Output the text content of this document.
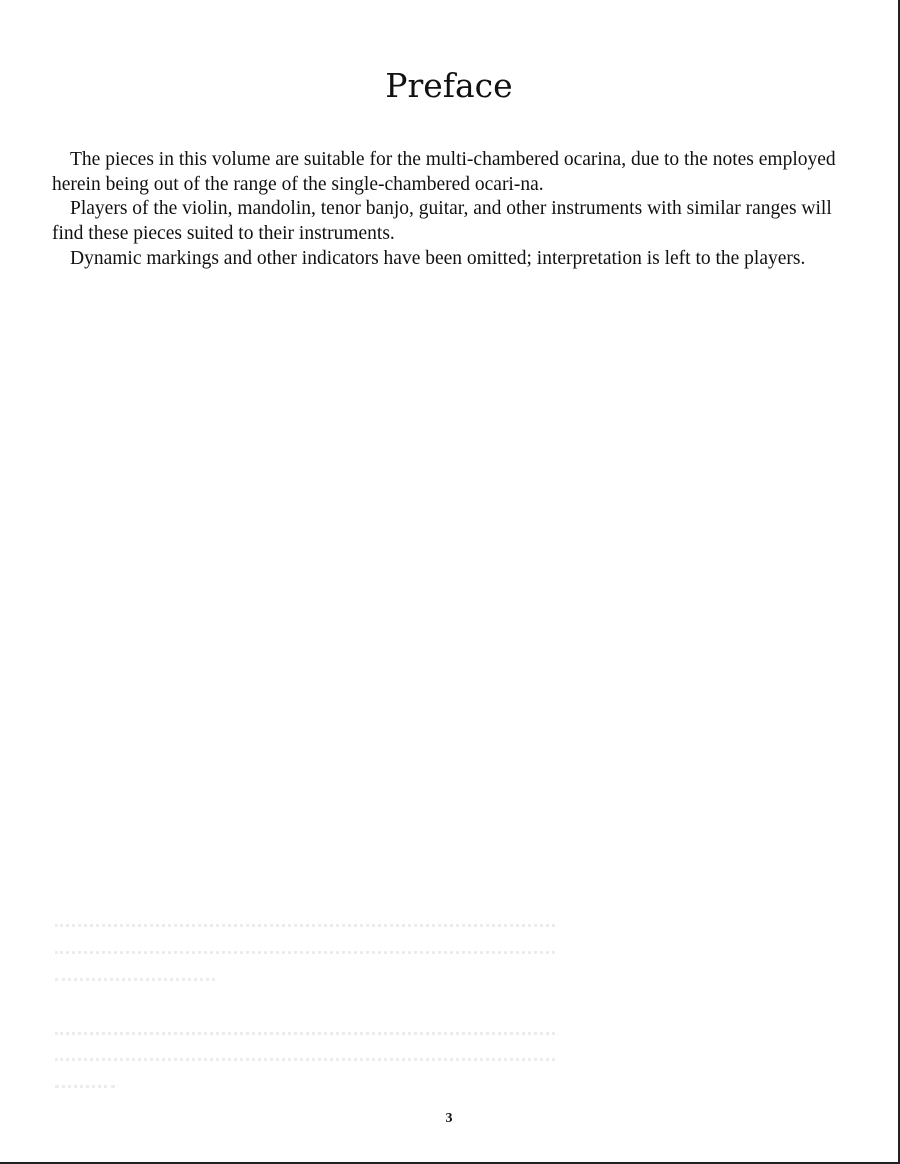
Preface

The pieces in this volume are suitable for the multi-chambered ocarina, due to the notes employed herein being out of the range of the single-chambered ocari-na.

Players of the violin, mandolin, tenor banjo, guitar, and other instruments with similar ranges will find these pieces suited to their instruments.

Dynamic markings and other indicators have been omitted; interpretation is left to the players.

3
